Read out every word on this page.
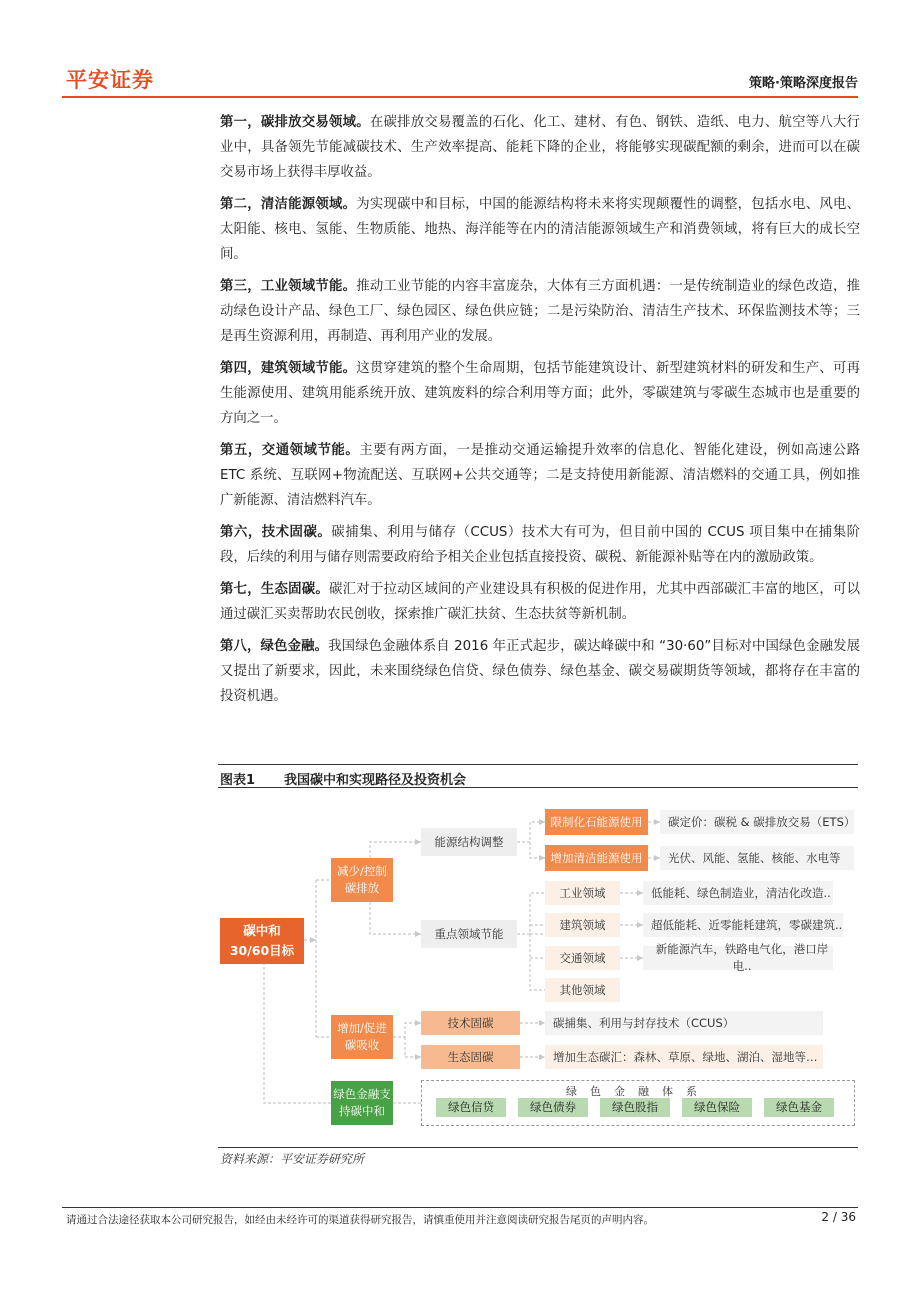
平安证券	策略·策略深度报告

第一，碳排放交易领域。在碳排放交易覆盖的石化、化工、建材、有色、钢铁、造纸、电力、航空等八大行业中，具备领先节能减碳技术、生产效率提高、能耗下降的企业，将能够实现碳配额的剩余，进而可以在碳交易市场上获得丰厚收益。

第二，清洁能源领域。为实现碳中和目标，中国的能源结构将未来将实现颠覆性的调整，包括水电、风电、太阳能、核电、氢能、生物质能、地热、海洋能等在内的清洁能源领域生产和消费领域，将有巨大的成长空间。

第三，工业领域节能。推动工业节能的内容丰富庞杂，大体有三方面机遇：一是传统制造业的绿色改造，推动绿色设计产品、绿色工厂、绿色园区、绿色供应链；二是污染防治、清洁生产技术、环保监测技术等；三是再生资源利用，再制造、再利用产业的发展。

第四，建筑领域节能。这贯穿建筑的整个生命周期，包括节能建筑设计、新型建筑材料的研发和生产、可再生能源使用、建筑用能系统开放、建筑废料的综合利用等方面；此外，零碳建筑与零碳生态城市也是重要的方向之一。

第五，交通领域节能。主要有两方面，一是推动交通运输提升效率的信息化、智能化建设，例如高速公路 ETC 系统、互联网+物流配送、互联网+公共交通等；二是支持使用新能源、清洁燃料的交通工具，例如推广新能源、清洁燃料汽车。

第六，技术固碳。碳捕集、利用与储存（CCUS）技术大有可为，但目前中国的 CCUS 项目集中在捕集阶段，后续的利用与储存则需要政府给予相关企业包括直接投资、碳税、新能源补贴等在内的激励政策。

第七，生态固碳。碳汇对于拉动区域间的产业建设具有积极的促进作用，尤其中西部碳汇丰富的地区，可以通过碳汇买卖帮助农民创收，探索推广碳汇扶贫、生态扶贫等新机制。

第八，绿色金融。我国绿色金融体系自 2016 年正式起步，碳达峰碳中和 “30·60”目标对中国绿色金融发展又提出了新要求，因此，未来围绕绿色信贷、绿色债券、绿色基金、碳交易碳期货等领域，都将存在丰富的投资机遇。

图表1 我国碳中和实现路径及投资机会
碳中和
30/60目标
减少/控制
碳排放
增加/促进
碳吸收
绿色金融支
持碳中和
能源结构调整
重点领域节能
技术固碳
生态固碳
限制化石能源使用
增加清洁能源使用
工业领域
建筑领域
交通领域
其他领域
碳定价：碳税 & 碳排放交易（ETS）
光伏、风能、氢能、核能、水电等
低能耗、绿色制造业，清洁化改造..
超低能耗、近零能耗建筑，零碳建筑..
新能源汽车，铁路电气化，港口岸电..
碳捕集、利用与封存技术（CCUS）
增加生态碳汇：森林、草原、绿地、湖泊、湿地等…
绿色金融体系
绿色信贷	绿色债券	绿色股指	绿色保险	绿色基金
资料来源：平安证券研究所
请通过合法途径获取本公司研究报告，如经由未经许可的渠道获得研究报告，请慎重使用并注意阅读研究报告尾页的声明内容。	2 / 36
